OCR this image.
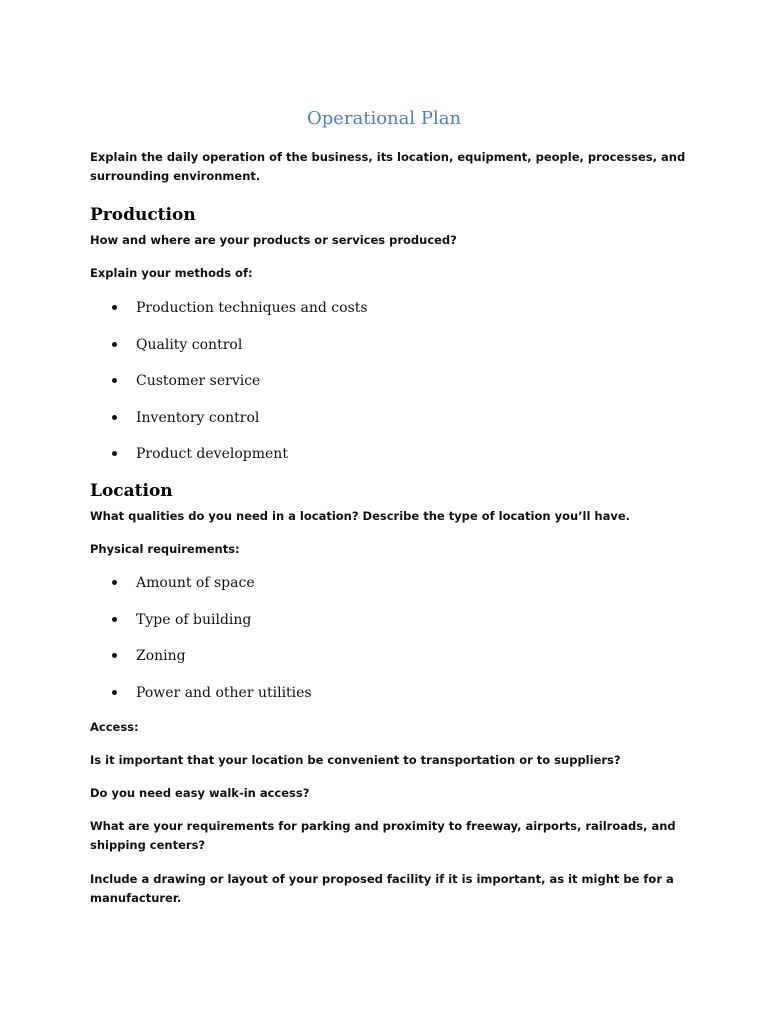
Operational Plan

Explain the daily operation of the business, its location, equipment, people, processes, and surrounding environment.

Production

How and where are your products or services produced?

Explain your methods of:

Production techniques and costs
Quality control
Customer service
Inventory control
Product development
Location

What qualities do you need in a location? Describe the type of location you’ll have.

Physical requirements:

Amount of space
Type of building
Zoning
Power and other utilities

Access:

Is it important that your location be convenient to transportation or to suppliers?

Do you need easy walk-in access?

What are your requirements for parking and proximity to freeway, airports, railroads, and shipping centers?

Include a drawing or layout of your proposed facility if it is important, as it might be for a manufacturer.
